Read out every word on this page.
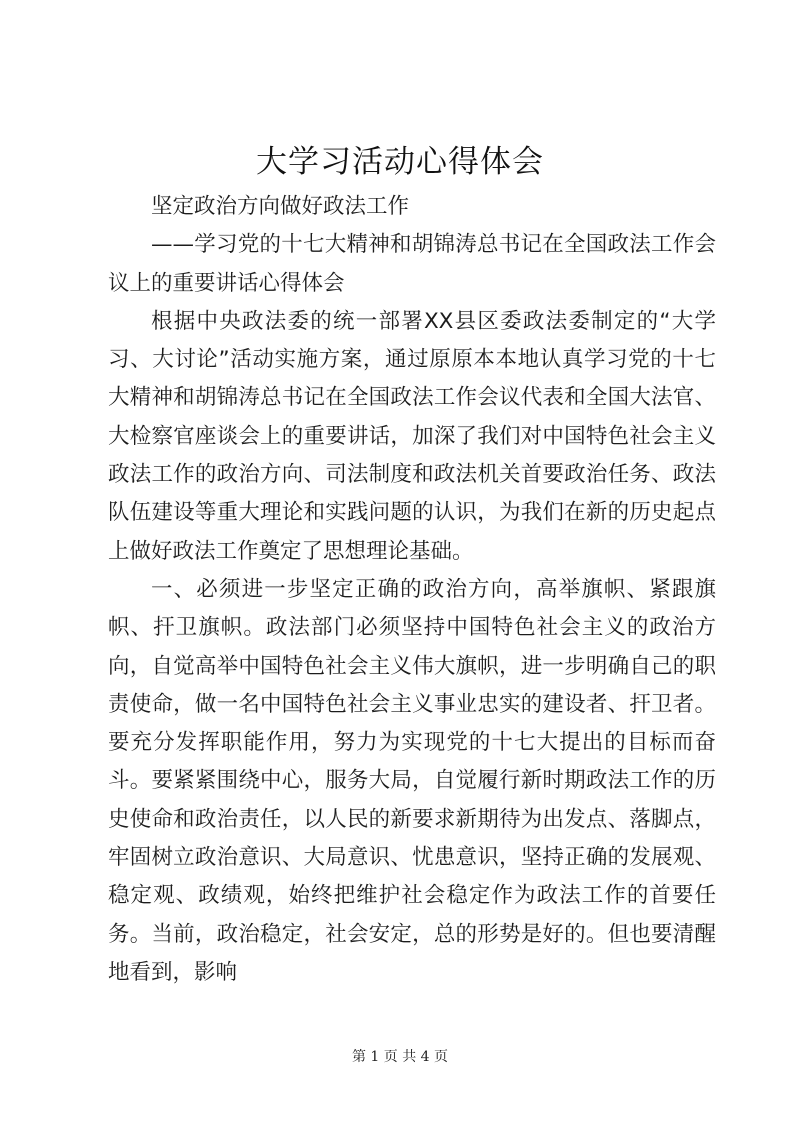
大学习活动心得体会

坚定政治方向做好政法工作

——学习党的十七大精神和胡锦涛总书记在全国政法工作会议上的重要讲话心得体会

根据中央政法委的统一部署XX县区委政法委制定的“大学习、大讨论”活动实施方案，通过原原本本地认真学习党的十七大精神和胡锦涛总书记在全国政法工作会议代表和全国大法官、大检察官座谈会上的重要讲话，加深了我们对中国特色社会主义政法工作的政治方向、司法制度和政法机关首要政治任务、政法队伍建设等重大理论和实践问题的认识，为我们在新的历史起点上做好政法工作奠定了思想理论基础。

一、必须进一步坚定正确的政治方向，高举旗帜、紧跟旗帜、扞卫旗帜。政法部门必须坚持中国特色社会主义的政治方向，自觉高举中国特色社会主义伟大旗帜，进一步明确自己的职责使命，做一名中国特色社会主义事业忠实的建设者、扞卫者。要充分发挥职能作用，努力为实现党的十七大提出的目标而奋斗。要紧紧围绕中心，服务大局，自觉履行新时期政法工作的历史使命和政治责任，以人民的新要求新期待为出发点、落脚点，牢固树立政治意识、大局意识、忧患意识，坚持正确的发展观、稳定观、政绩观，始终把维护社会稳定作为政法工作的首要任务。当前，政治稳定，社会安定，总的形势是好的。但也要清醒地看到，影响

第 1 页 共 4 页
